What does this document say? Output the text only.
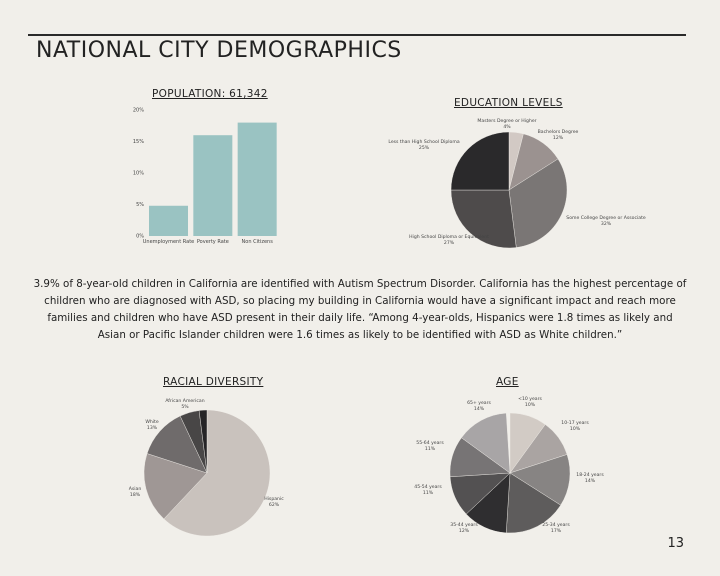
NATIONAL CITY DEMOGRAPHICS
POPULATION: 61,342
0%
5%
10%
15%
20%
Unemployment Rate Poverty Rate	Non Citizens
EDUCATION LEVELS
Masters Degree or Higher
4%
Bachelors Degree
12%
Some College Degree or Associate
32%
High School Diploma or Equivalent
27%
Less than High School Diploma
25%
3.9% of 8-year-old children in California are identified with Autism Spectrum Disorder. California has the highest percentage of children who are diagnosed with ASD, so placing my building in California would have a significant impact and reach more families and children who have ASD present in their daily life. “Among 4-year-olds, Hispanics were 1.8 times as likely and Asian or Pacific Islander children were 1.6 times as likely to be identified with ASD as White children.”
RACIAL DIVERSITY
Hispanic
62%
Asian
18%
White
13%
African American
5%
AGE
<10 years
10%
10-17 years
10%
18-24 years
14%
25-34 years
17%
35-44 years
12%
45-54 years
11%
55-64 years
11%
65+ years
14%
13
